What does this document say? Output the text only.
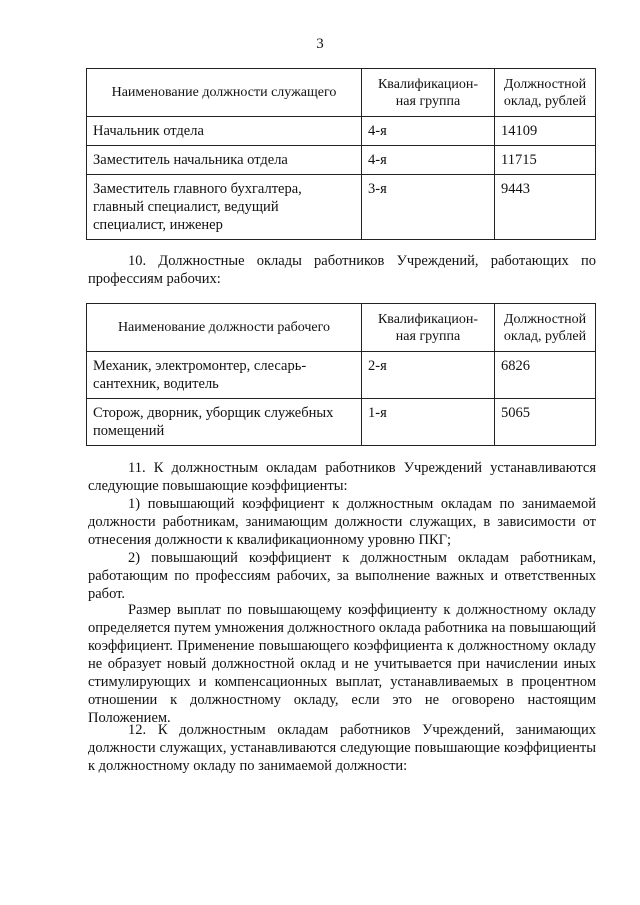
3
Наименование должности служащего	Квалификацион-ная группа	Должностной оклад, рублей
Начальник отдела	4-я	14109
Заместитель начальника отдела	4-я	11715
Заместитель главного бухгалтера, главный специалист, ведущий специалист, инженер	3-я	9443
10. Должностные оклады работников Учреждений, работающих по профессиям рабочих:
Наименование должности рабочего	Квалификацион-ная группа	Должностной оклад, рублей
Механик, электромонтер, слесарь-сантехник, водитель	2-я	6826
Сторож, дворник, уборщик служебных помещений	1-я	5065
11. К должностным окладам работников Учреждений устанавливаются следующие повышающие коэффициенты:
1) повышающий коэффициент к должностным окладам по занимаемой должности работникам, занимающим должности служащих, в зависимости от отнесения должности к квалификационному уровню ПКГ;
2) повышающий коэффициент к должностным окладам работникам, работающим по профессиям рабочих, за выполнение важных и ответственных работ.
Размер выплат по повышающему коэффициенту к должностному окладу определяется путем умножения должностного оклада работника на повышающий коэффициент. Применение повышающего коэффициента к должностному окладу не образует новый должностной оклад и не учитывается при начислении иных стимулирующих и компенсационных выплат, устанавливаемых в процентном отношении к должностному окладу, если это не оговорено настоящим Положением.
12. К должностным окладам работников Учреждений, занимающих должности служащих, устанавливаются следующие повышающие коэффициенты к должностному окладу по занимаемой должности:
